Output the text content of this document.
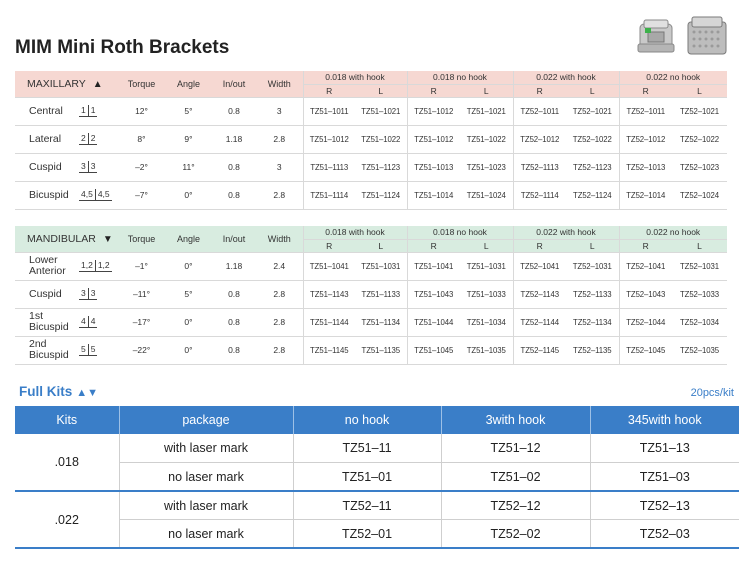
MIM Mini Roth Brackets
MAXILLARY ▲	Torque	Angle	In/out	Width	0.018 with hook		0.018 no hook		0.022 with hook		0.022 no hook	
					R	L	R	L	R	L	R	L
Central 1 1	12°	5°	0.8	3	TZ51–1011	TZ51–1021	TZ51–1012	TZ51–1021	TZ52–1011	TZ52–1021	TZ52–1011	TZ52–1021
Lateral 2 2	8°	9°	1.18	2.8	TZ51–1012	TZ51–1022	TZ51–1012	TZ51–1022	TZ52–1012	TZ52–1022	TZ52–1012	TZ52–1022
Cuspid 3 3	–2°	11°	0.8	3	TZ51–1113	TZ51–1123	TZ51–1013	TZ51–1023	TZ52–1113	TZ52–1123	TZ52–1013	TZ52–1023
Bicuspid 4,5 4,5	–7°	0°	0.8	2.8	TZ51–1114	TZ51–1124	TZ51–1014	TZ51–1024	TZ52–1114	TZ52–1124	TZ52–1014	TZ52–1024
MANDIBULAR ▼	Torque	Angle	In/out	Width	0.018 with hook		0.018 no hook		0.022 with hook		0.022 no hook	
					R	L	R	L	R	L	R	L
Lower
Anterior 1,2 1,2	–1°	0°	1.18	2.4	TZ51–1041	TZ51–1031	TZ51–1041	TZ51–1031	TZ52–1041	TZ52–1031	TZ52–1041	TZ52–1031
Cuspid 3 3	–11°	5°	0.8	2.8	TZ51–1143	TZ51–1133	TZ51–1043	TZ51–1033	TZ52–1143	TZ52–1133	TZ52–1043	TZ52–1033
1st
Bicuspid 4 4	–17°	0°	0.8	2.8	TZ51–1144	TZ51–1134	TZ51–1044	TZ51–1034	TZ52–1144	TZ52–1134	TZ52–1044	TZ52–1034
2nd
Bicuspid 5 5	–22°	0°	0.8	2.8	TZ51–1145	TZ51–1135	TZ51–1045	TZ51–1035	TZ52–1145	TZ52–1135	TZ52–1045	TZ52–1035
Full Kits ▲▼	20pcs/kit
Kits	package	no hook	3with hook	345with hook
.018	with laser mark	TZ51–11	TZ51–12	TZ51–13
	no laser mark	TZ51–01	TZ51–02	TZ51–03
.022	with laser mark	TZ52–11	TZ52–12	TZ52–13
	no laser mark	TZ52–01	TZ52–02	TZ52–03
